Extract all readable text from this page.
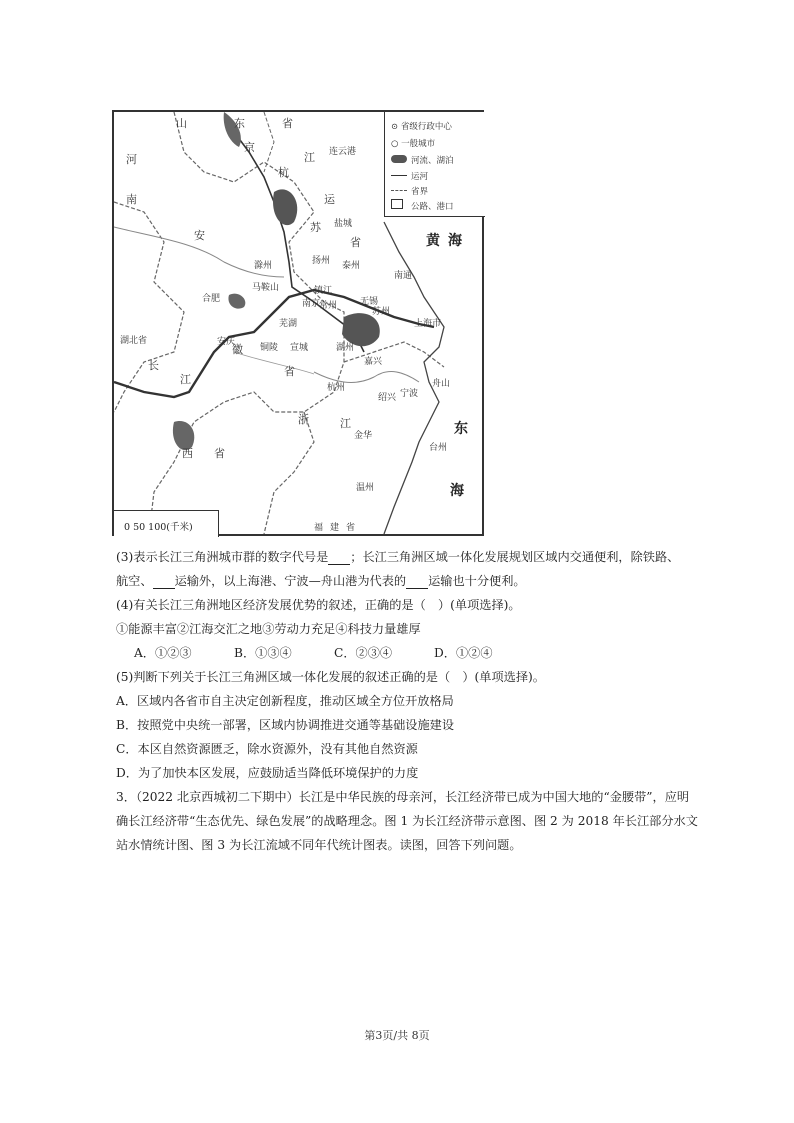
⊙ 省级行政中心
○ 一般城市
河流、湖泊
运河
省界
公路、港口
0 50 100(千米)
连云港
盐城
泰州
南通
滁州	扬州
合肥
马鞍山
南京
镇江
常州	无锡
苏州
上海市
芜湖
安庆
铜陵 宣城	湖州
嘉兴
杭州
绍兴 宁波
舟山
金华
台州
温州
山	东	省
河
南
京
杭
运
江
苏
省
安
徽
省
湖北省
长
江
浙	江
西 省
福 建 省
黄 海
东
海
(3)表示长江三角洲城市群的数字代号是 ；长江三角洲区域一体化发展规划区域内交通便利，除铁路、
航空、 运输外，以上海港、宁波—舟山港为代表的 运输也十分便利。
(4)有关长江三角洲地区经济发展优势的叙述，正确的是（　）(单项选择)。
①能源丰富②江海交汇之地③劳动力充足④科技力量雄厚
A．①②③	B．①③④	C．②③④	D．①②④
(5)判断下列关于长江三角洲区域一体化发展的叙述正确的是（　）(单项选择)。
A．区域内各省市自主决定创新程度，推动区域全方位开放格局
B．按照党中央统一部署，区域内协调推进交通等基础设施建设
C．本区自然资源匮乏，除水资源外，没有其他自然资源
D．为了加快本区发展，应鼓励适当降低环境保护的力度
3．（2022 北京西城初二下期中）长江是中华民族的母亲河，长江经济带已成为中国大地的“金腰带”，应明
确长江经济带“生态优先、绿色发展”的战略理念。图 1 为长江经济带示意图、图 2 为 2018 年长江部分水文
站水情统计图、图 3 为长江流域不同年代统计图表。读图，回答下列问题。
第3页/共 8页
